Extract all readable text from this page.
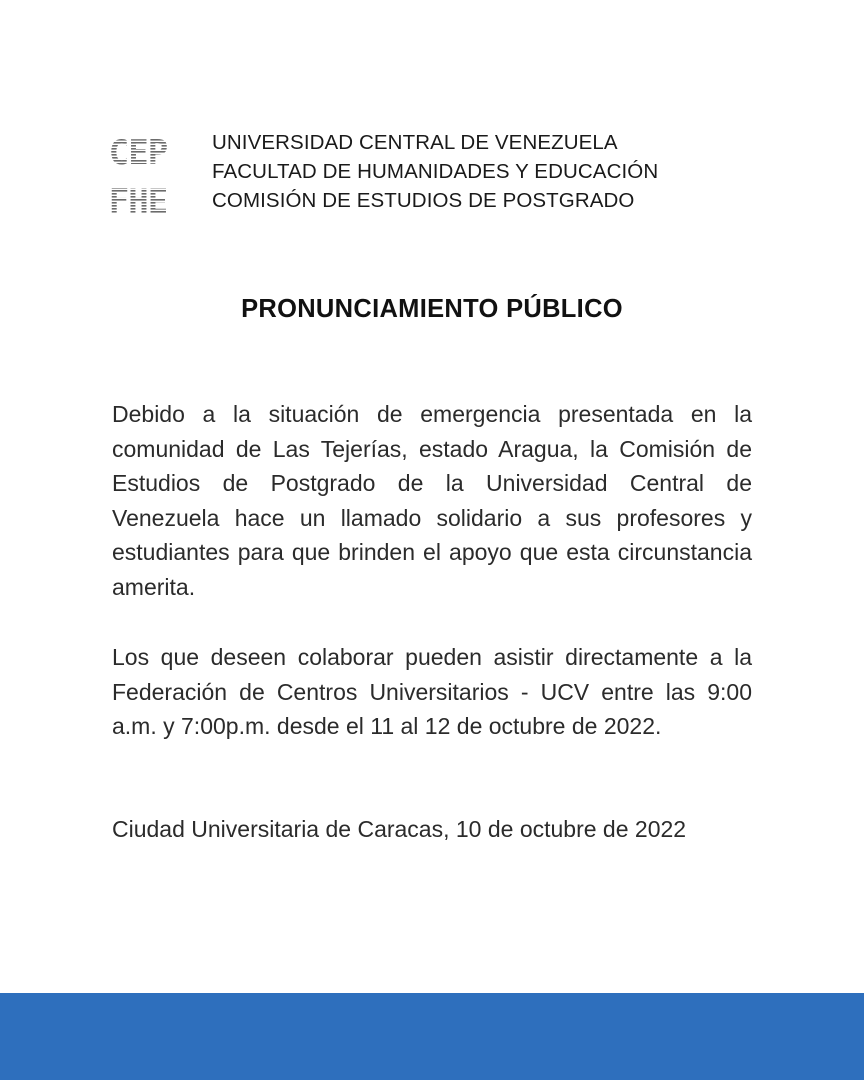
UNIVERSIDAD CENTRAL DE VENEZUELA
FACULTAD DE HUMANIDADES Y EDUCACIÓN
COMISIÓN DE ESTUDIOS DE POSTGRADO
PRONUNCIAMIENTO PÚBLICO

Debido a la situación de emergencia presentada en la comunidad de Las Tejerías, estado Aragua, la Comisión de Estudios de Postgrado de la Universidad Central de Venezuela hace un llamado solidario a sus profesores y estudiantes para que brinden el apoyo que esta circunstancia amerita.

Los que deseen colaborar pueden asistir directamente a la Federación de Centros Universitarios - UCV entre las 9:00 a.m. y 7:00p.m. desde el 11 al 12 de octubre de 2022.

Ciudad Universitaria de Caracas, 10 de octubre de 2022
